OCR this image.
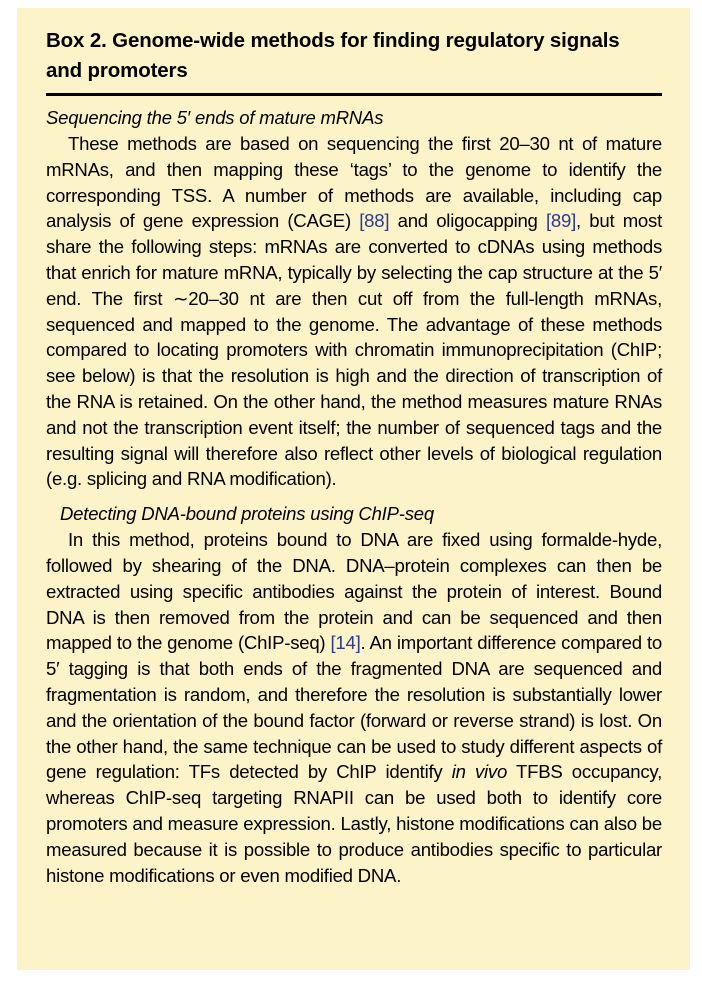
Box 2. Genome-wide methods for finding regulatory signals and promoters
Sequencing the 5′ ends of mature mRNAs

These methods are based on sequencing the first 20–30 nt of mature mRNAs, and then mapping these ‘tags’ to the genome to identify the corresponding TSS. A number of methods are available, including cap analysis of gene expression (CAGE) [88] and oligocapping [89], but most share the following steps: mRNAs are converted to cDNAs using methods that enrich for mature mRNA, typically by selecting the cap structure at the 5′ end. The first ∼20–30 nt are then cut off from the full-length mRNAs, sequenced and mapped to the genome. The advantage of these methods compared to locating promoters with chromatin immunoprecipitation (ChIP; see below) is that the resolution is high and the direction of transcription of the RNA is retained. On the other hand, the method measures mature RNAs and not the transcription event itself; the number of sequenced tags and the resulting signal will therefore also reflect other levels of biological regulation (e.g. splicing and RNA modification).

Detecting DNA-bound proteins using ChIP-seq

In this method, proteins bound to DNA are fixed using formalde-hyde, followed by shearing of the DNA. DNA–protein complexes can then be extracted using specific antibodies against the protein of interest. Bound DNA is then removed from the protein and can be sequenced and then mapped to the genome (ChIP-seq) [14]. An important difference compared to 5′ tagging is that both ends of the fragmented DNA are sequenced and fragmentation is random, and therefore the resolution is substantially lower and the orientation of the bound factor (forward or reverse strand) is lost. On the other hand, the same technique can be used to study different aspects of gene regulation: TFs detected by ChIP identify in vivo TFBS occupancy, whereas ChIP-seq targeting RNAPII can be used both to identify core promoters and measure expression. Lastly, histone modifications can also be measured because it is possible to produce antibodies specific to particular histone modifications or even modified DNA.
